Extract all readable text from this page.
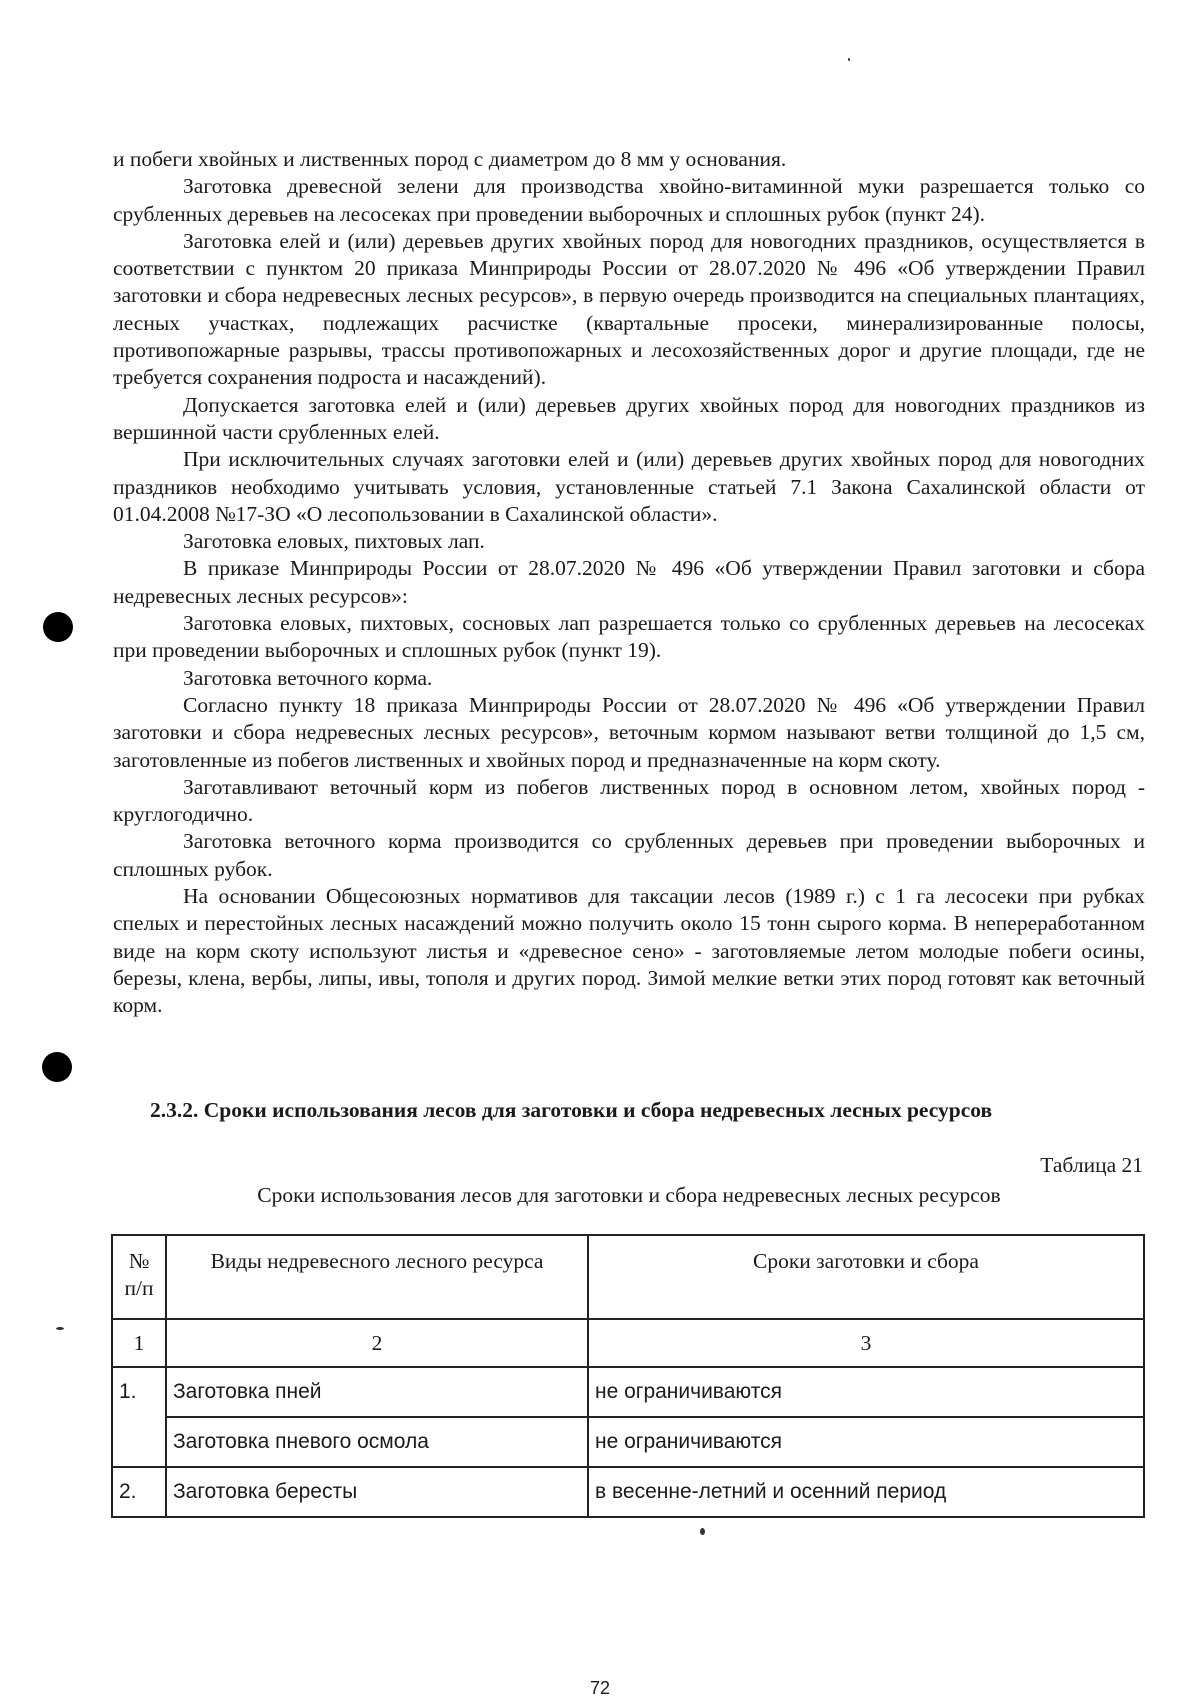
и побеги хвойных и лиственных пород с диаметром до 8 мм у основания.

Заготовка древесной зелени для производства хвойно-витаминной муки разрешается только со срубленных деревьев на лесосеках при проведении выборочных и сплошных рубок (пункт 24).

Заготовка елей и (или) деревьев других хвойных пород для новогодних праздников, осуществляется в соответствии с пунктом 20 приказа Минприроды России от 28.07.2020 № 496 «Об утверждении Правил заготовки и сбора недревесных лесных ресурсов», в первую очередь производится на специальных плантациях, лесных участках, подлежащих расчистке (квартальные просеки, минерализированные полосы, противопожарные разрывы, трассы противопожарных и лесохозяйственных дорог и другие площади, где не требуется сохранения подроста и насаждений).

Допускается заготовка елей и (или) деревьев других хвойных пород для новогодних праздников из вершинной части срубленных елей.

При исключительных случаях заготовки елей и (или) деревьев других хвойных пород для новогодних праздников необходимо учитывать условия, установленные статьей 7.1 Закона Сахалинской области от 01.04.2008 №17-ЗО «О лесопользовании в Сахалинской области».

Заготовка еловых, пихтовых лап.

В приказе Минприроды России от 28.07.2020 № 496 «Об утверждении Правил заготовки и сбора недревесных лесных ресурсов»:

Заготовка еловых, пихтовых, сосновых лап разрешается только со срубленных деревьев на лесосеках при проведении выборочных и сплошных рубок (пункт 19).

Заготовка веточного корма.

Согласно пункту 18 приказа Минприроды России от 28.07.2020 № 496 «Об утверждении Правил заготовки и сбора недревесных лесных ресурсов», веточным кормом называют ветви толщиной до 1,5 см, заготовленные из побегов лиственных и хвойных пород и предназначенные на корм скоту.

Заготавливают веточный корм из побегов лиственных пород в основном летом, хвойных пород - круглогодично.

Заготовка веточного корма производится со срубленных деревьев при проведении выборочных и сплошных рубок.

На основании Общесоюзных нормативов для таксации лесов (1989 г.) с 1 га лесосеки при рубках спелых и перестойных лесных насаждений можно получить около 15 тонн сырого корма. В непереработанном виде на корм скоту используют листья и «древесное сено» - заготовляемые летом молодые побеги осины, березы, клена, вербы, липы, ивы, тополя и других пород. Зимой мелкие ветки этих пород готовят как веточный корм.

2.3.2. Сроки использования лесов для заготовки и сбора недревесных лесных ресурсов
Таблица 21
Сроки использования лесов для заготовки и сбора недревесных лесных ресурсов
№ п/п	Виды недревесного лесного ресурса	Сроки заготовки и сбора
1	2	3
1.	Заготовка пней	не ограничиваются
	Заготовка пневого осмола	не ограничиваются
2.	Заготовка бересты	в весенне-летний и осенний период
72
